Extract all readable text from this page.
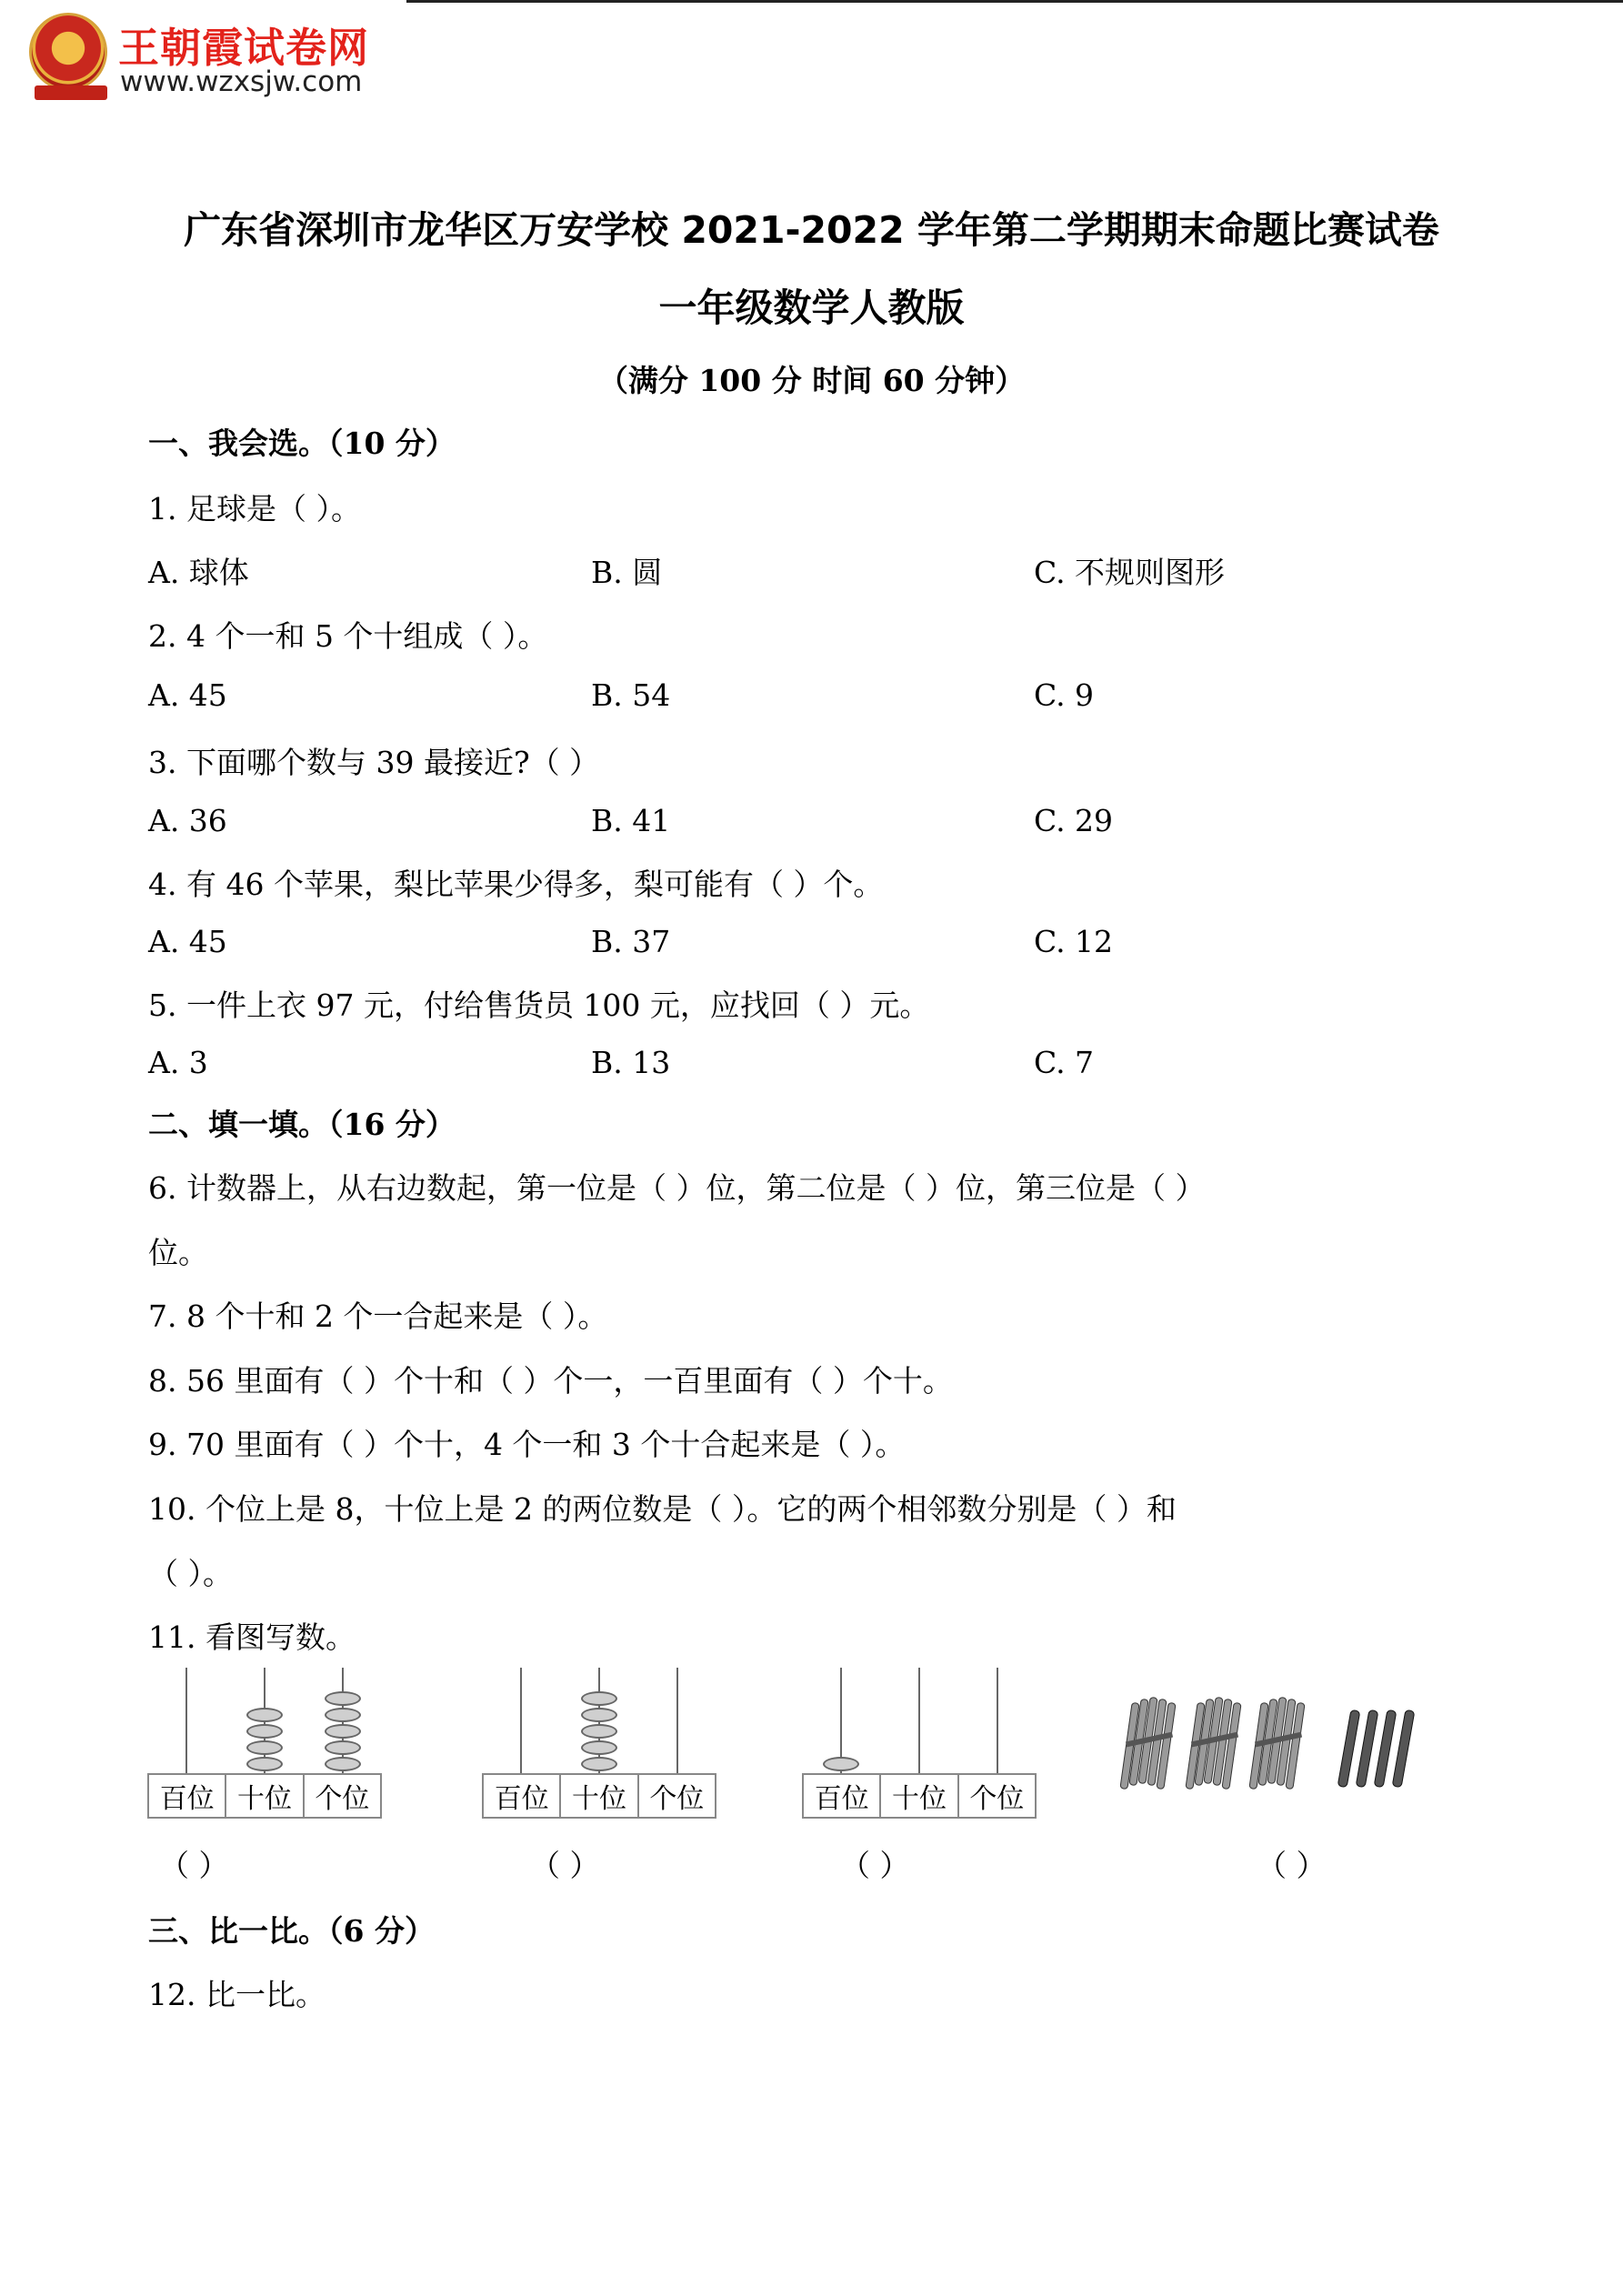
王朝霞试卷网
www.wzxsjw.com
广东省深圳市龙华区万安学校 2021-2022 学年第二学期期末命题比赛试卷
一年级数学人教版
（满分 100 分 时间 60 分钟）
一、我会选。（10 分）
1. 足球是（ ）。
A. 球体	B. 圆	C. 不规则图形
2. 4 个一和 5 个十组成（ ）。
A. 45	B. 54	C. 9
3. 下面哪个数与 39 最接近?（ ）
A. 36	B. 41	C. 29
4. 有 46 个苹果，梨比苹果少得多，梨可能有（ ）个。
A. 45	B. 37	C. 12
5. 一件上衣 97 元，付给售货员 100 元，应找回（ ）元。
A. 3	B. 13	C. 7
二、填一填。（16 分）
6. 计数器上，从右边数起，第一位是（ ）位，第二位是（ ）位，第三位是（ ）
位。
7. 8 个十和 2 个一合起来是（ ）。
8. 56 里面有（ ）个十和（ ）个一，一百里面有（ ）个十。
9. 70 里面有（ ）个十，4 个一和 3 个十合起来是（ ）。
10. 个位上是 8，十位上是 2 的两位数是（ ）。它的两个相邻数分别是（ ）和
（ ）。
11. 看图写数。
百位 十位 个位	百位 十位 个位	百位 十位 个位
（ ）	（ ）	（ ）	（ ）
三、比一比。（6 分）
12. 比一比。
